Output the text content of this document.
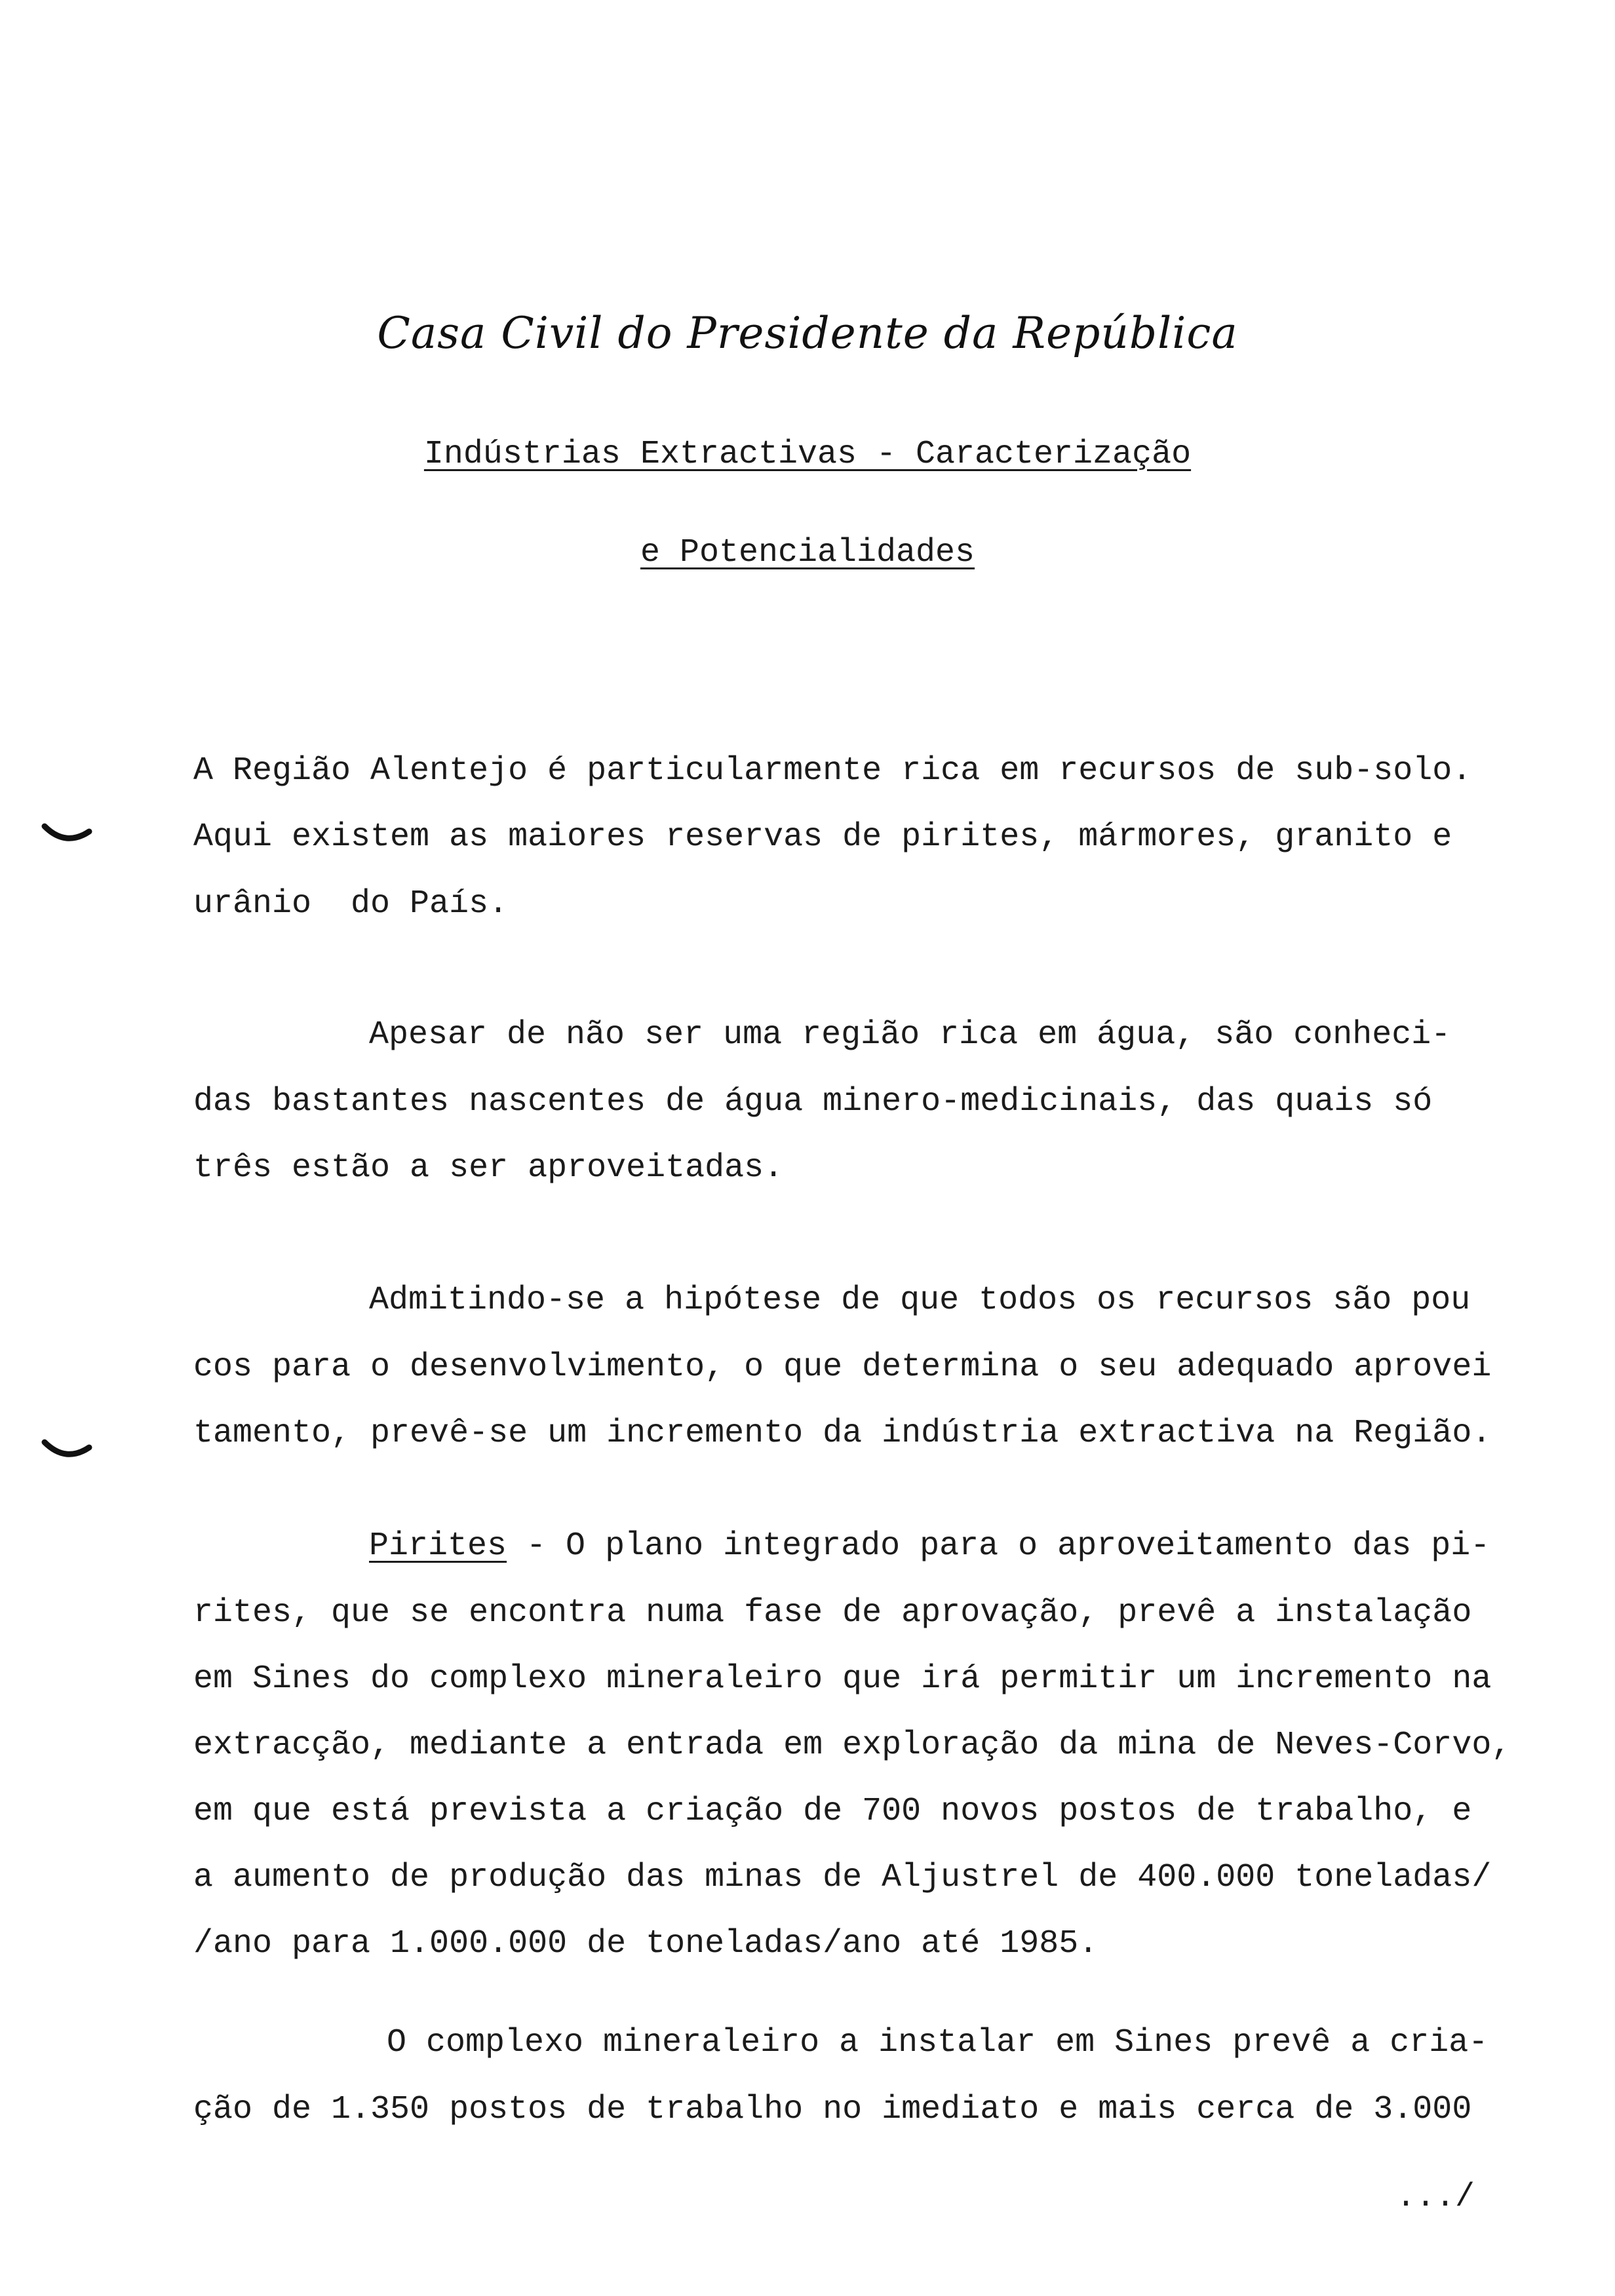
Casa Civil do Presidente da República
Indústrias Extractivas - Caracterização
e Potencialidades
A Região Alentejo é particularmente rica em recursos de sub-solo.
Aqui existem as maiores reservas de pirites, mármores, granito e
urânio  do País.
Apesar de não ser uma região rica em água, são conheci-
das bastantes nascentes de água minero-medicinais, das quais só
três estão a ser aproveitadas.
Admitindo-se a hipótese de que todos os recursos são pou
cos para o desenvolvimento, o que determina o seu adequado aprovei
tamento, prevê-se um incremento da indústria extractiva na Região.
Pirites - O plano integrado para o aproveitamento das pi-
rites, que se encontra numa fase de aprovação, prevê a instalação
em Sines do complexo mineraleiro que irá permitir um incremento na
extracção, mediante a entrada em exploração da mina de Neves-Corvo,
em que está prevista a criação de 700 novos postos de trabalho, e
a aumento de produção das minas de Aljustrel de 400.000 toneladas/
/ano para 1.000.000 de toneladas/ano até 1985.
O complexo mineraleiro a instalar em Sines prevê a cria-
ção de 1.350 postos de trabalho no imediato e mais cerca de 3.000
.../
